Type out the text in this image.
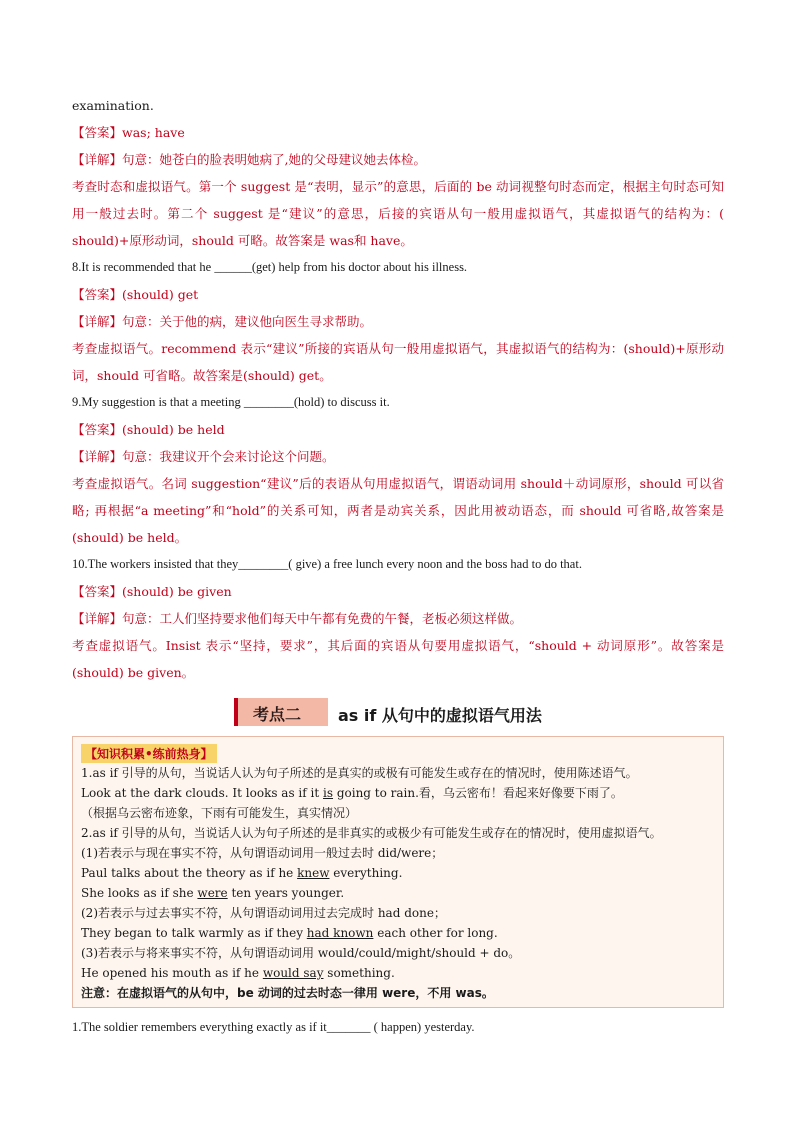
examination.

【答案】was; have

【详解】句意：她苍白的脸表明她病了,她的父母建议她去体检。

考查时态和虚拟语气。第一个 suggest 是“表明，显示”的意思，后面的 be 动词视整句时态而定，根据主句时态可知用一般过去时。第二个 suggest 是“建议”的意思，后接的宾语从句一般用虚拟语气，其虚拟语气的结构为：( should)+原形动词，should 可略。故答案是 was和 have。

8.It is recommended that he ______(get) help from his doctor about his illness.

【答案】(should) get

【详解】句意：关于他的病，建议他向医生寻求帮助。

考查虚拟语气。recommend 表示“建议”所接的宾语从句一般用虚拟语气，其虚拟语气的结构为：(should)+原形动词，should 可省略。故答案是(should) get。

9.My suggestion is that a meeting ________(hold) to discuss it.

【答案】(should) be held

【详解】句意：我建议开个会来讨论这个问题。

考查虚拟语气。名词 suggestion“建议”后的表语从句用虚拟语气，谓语动词用 should＋动词原形，should 可以省略; 再根据“a meeting”和“hold”的关系可知，两者是动宾关系，因此用被动语态，而 should 可省略,故答案是(should) be held。

10.The workers insisted that they________( give) a free lunch every noon and the boss had to do that.

【答案】(should) be given

【详解】句意：工人们坚持要求他们每天中午都有免费的午餐，老板必须这样做。

考查虚拟语气。Insist 表示“坚持，要求”，其后面的宾语从句要用虚拟语气，“should + 动词原形”。故答案是(should) be given。

考点二 as if 从句中的虚拟语气用法
【知识积累•练前热身】

1.as if 引导的从句，当说话人认为句子所述的是真实的或极有可能发生或存在的情况时，使用陈述语气。

Look at the dark clouds. It looks as if it is going to rain.看，乌云密布！看起来好像要下雨了。

（根据乌云密布迹象，下雨有可能发生，真实情况）

2.as if 引导的从句，当说话人认为句子所述的是非真实的或极少有可能发生或存在的情况时，使用虚拟语气。

(1)若表示与现在事实不符，从句谓语动词用一般过去时 did/were；

Paul talks about the theory as if he knew everything.

She looks as if she were ten years younger.

(2)若表示与过去事实不符，从句谓语动词用过去完成时 had done；

They began to talk warmly as if they had known each other for long.

(3)若表示与将来事实不符，从句谓语动词用 would/could/might/should + do。

He opened his mouth as if he would say something.

注意：在虚拟语气的从句中，be 动词的过去时态一律用 were，不用 was。

1.The soldier remembers everything exactly as if it_______ ( happen) yesterday.
